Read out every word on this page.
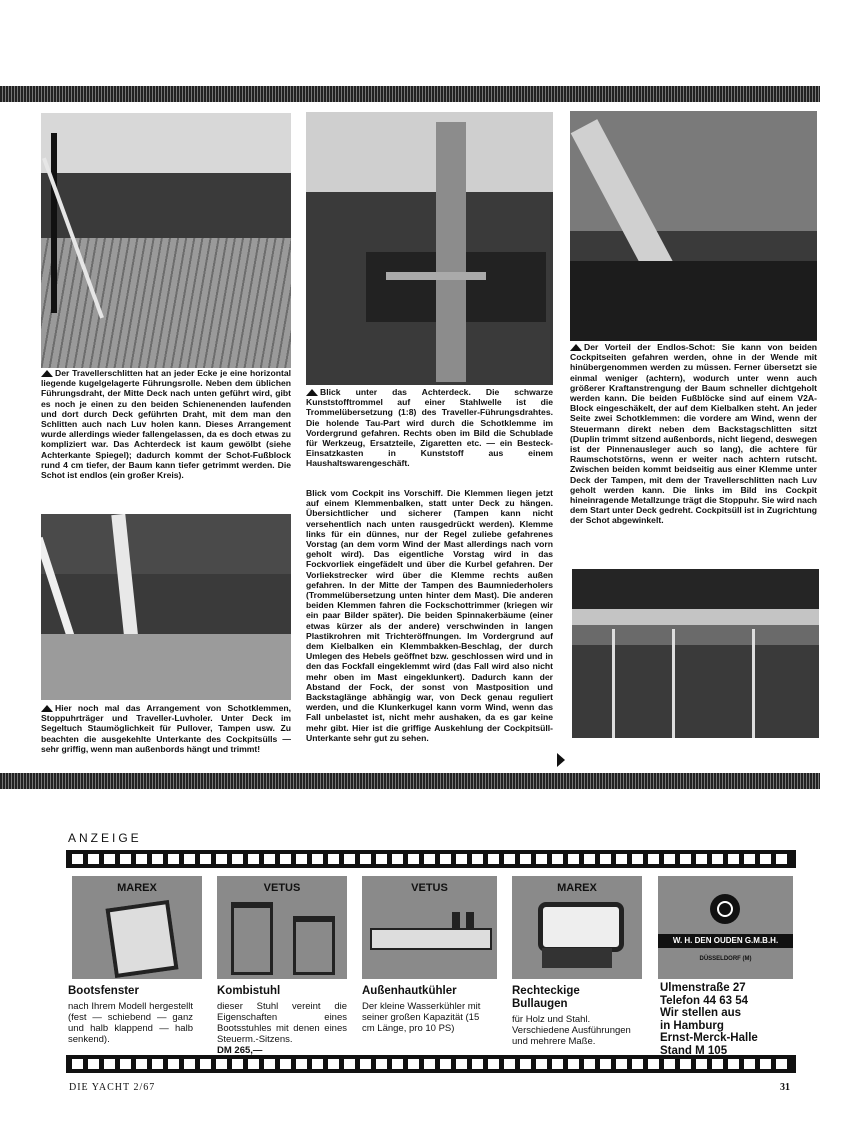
Der Travellerschlitten hat an jeder Ecke je eine horizontal liegende kugelgelagerte Führungsrolle. Neben dem üblichen Führungsdraht, der Mitte Deck nach unten geführt wird, gibt es noch je einen zu den beiden Schienenenden laufenden und dort durch Deck geführten Draht, mit dem man den Schlitten auch nach Luv holen kann. Dieses Arrangement wurde allerdings wieder fallengelassen, da es doch etwas zu kompliziert war. Das Achterdeck ist kaum gewölbt (siehe Achterkante Spiegel); dadurch kommt der Schot-Fußblock rund 4 cm tiefer, der Baum kann tiefer getrimmt werden. Die Schot ist endlos (ein großer Kreis).

Hier noch mal das Arrangement von Schotklemmen, Stoppuhrträger und Traveller-Luvholer. Unter Deck im Segeltuch Staumöglichkeit für Pullover, Tampen usw. Zu beachten die ausgekehlte Unterkante des Cockpitsülls — sehr griffig, wenn man außenbords hängt und trimmt!

Blick unter das Achterdeck. Die schwarze Kunststofftrommel auf einer Stahlwelle ist die Trommelübersetzung (1:8) des Traveller-Führungsdrahtes. Die holende Tau-Part wird durch die Schotklemme im Vordergrund gefahren. Rechts oben im Bild die Schublade für Werkzeug, Ersatzteile, Zigaretten etc. — ein Besteck-Einsatzkasten in Kunststoff aus einem Haushaltswarengeschäft.

Blick vom Cockpit ins Vorschiff. Die Klemmen liegen jetzt auf einem Klemmenbalken, statt unter Deck zu hängen. Übersichtlicher und sicherer (Tampen kann nicht versehentlich nach unten rausgedrückt werden). Klemme links für ein dünnes, nur der Regel zuliebe gefahrenes Vorstag (an dem vorm Wind der Mast allerdings nach vorn geholt wird). Das eigentliche Vorstag wird in das Fockvorliek eingefädelt und über die Kurbel gefahren. Der Vorliekstrecker wird über die Klemme rechts außen gefahren. In der Mitte der Tampen des Baumniederholers (Trommelübersetzung unten hinter dem Mast). Die anderen beiden Klemmen fahren die Fockschottrimmer (kriegen wir ein paar Bilder später). Die beiden Spinnakerbäume (einer etwas kürzer als der andere) verschwinden in langen Plastikrohren mit Trichteröffnungen. Im Vordergrund auf dem Kielbalken ein Klemmbakken-Beschlag, der durch Umlegen des Hebels geöffnet bzw. geschlossen wird und in den das Fockfall eingeklemmt wird (das Fall wird also nicht mehr oben im Mast eingeklunkert). Dadurch kann der Abstand der Fock, der sonst von Mastposition und Backstaglänge abhängig war, von Deck genau reguliert werden, und die Klunkerkugel kann vorm Wind, wenn das Fall unbelastet ist, nicht mehr aushaken, da es gar keine mehr gibt. Hier ist die griffige Auskehlung der Cockpitsüll-Unterkante sehr gut zu sehen.

Der Vorteil der Endlos-Schot: Sie kann von beiden Cockpitseiten gefahren werden, ohne in der Wende mit hinübergenommen werden zu müssen. Ferner übersetzt sie einmal weniger (achtern), wodurch unter wenn auch größerer Kraftanstrengung der Baum schneller dichtgeholt werden kann. Die beiden Fußblöcke sind auf einem V2A-Block eingeschäkelt, der auf dem Kielbalken steht. An jeder Seite zwei Schotklemmen: die vordere am Wind, wenn der Steuermann direkt neben dem Backstagschlitten sitzt (Duplin trimmt sitzend außenbords, nicht liegend, deswegen ist der Pinnenausleger auch so lang), die achtere für Raumschotstörns, wenn er weiter nach achtern rutscht. Zwischen beiden kommt beidseitig aus einer Klemme unter Deck der Tampen, mit dem der Travellerschlitten nach Luv geholt werden kann. Die links im Bild ins Cockpit hineinragende Metallzunge trägt die Stoppuhr. Sie wird nach dem Start unter Deck gedreht. Cockpitsüll ist in Zugrichtung der Schot abgewinkelt.

ANZEIGE
MAREX	VETUS	VETUS	MAREX
W. H. DEN OUDEN G.M.B.H.
DÜSSELDORF (M)

Bootsfenster

nach Ihrem Modell hergestellt (fest — schiebend — ganz und halb klappend — halb senkend).

Kombistuhl

dieser Stuhl vereint die Eigenschaften eines Bootsstuhles mit denen eines Steuerm.-Sitzens.
DM 265,—

Außenhautkühler

Der kleine Wasserkühler mit seiner großen Kapazität (15 cm Länge, pro 10 PS)

Rechteckige Bullaugen

für Holz und Stahl. Verschiedene Ausführungen und mehrere Maße.

Ulmenstraße 27
Telefon 44 63 54
Wir stellen aus
in Hamburg
Ernst-Merck-Halle
Stand M 105

DIE YACHT 2/67	31
